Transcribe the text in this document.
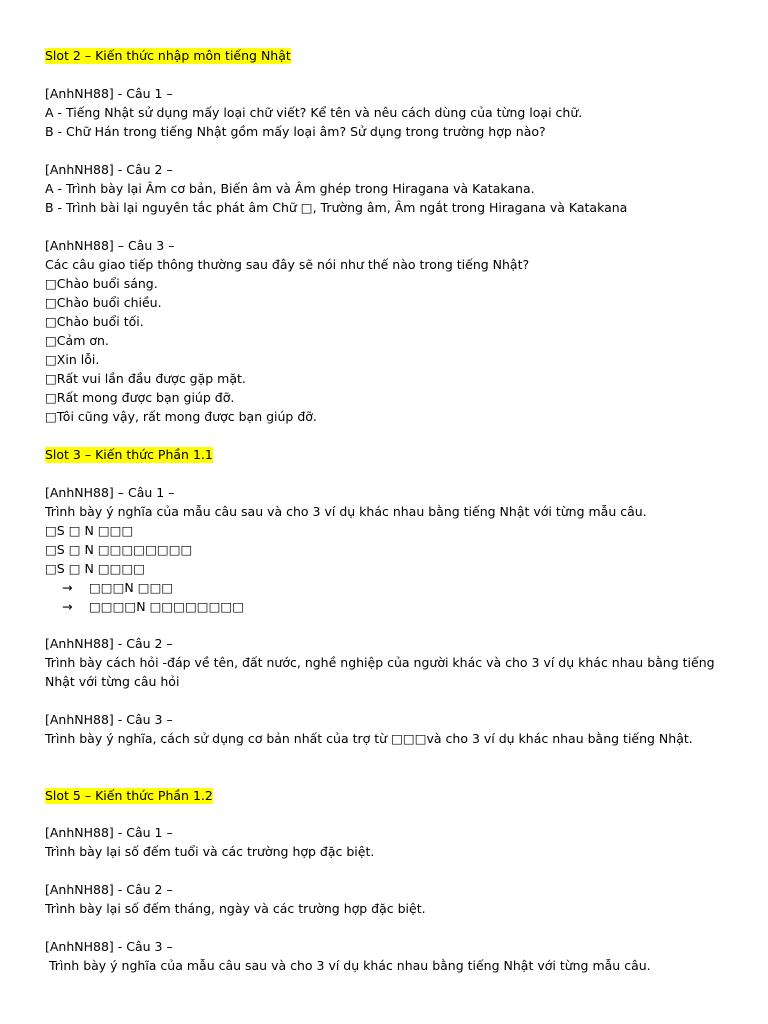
Slot 2 – Kiến thức nhập môn tiếng Nhật
[AnhNH88] - Câu 1 –
A - Tiếng Nhật sử dụng mấy loại chữ viết? Kể tên và nêu cách dùng của từng loại chữ.
B - Chữ Hán trong tiếng Nhật gồm mấy loại âm? Sử dụng trong trường hợp nào?
[AnhNH88] - Câu 2 –
A - Trình bày lại Âm cơ bản, Biến âm và Âm ghép trong Hiragana và Katakana.
B - Trình bài lại nguyên tắc phát âm Chữ □, Trường âm, Âm ngắt trong Hiragana và Katakana
[AnhNH88] – Câu 3 –
Các câu giao tiếp thông thường sau đây sẽ nói như thế nào trong tiếng Nhật?
□Chào buổi sáng.
□Chào buổi chiều.
□Chào buổi tối.
□Cảm ơn.
□Xin lỗi.
□Rất vui lần đầu được gặp mặt.
□Rất mong được bạn giúp đỡ.
□Tôi cũng vậy, rất mong được bạn giúp đỡ.
Slot 3 – Kiến thức Phần 1.1
[AnhNH88] – Câu 1 –
Trình bày ý nghĩa của mẫu câu sau và cho 3 ví dụ khác nhau bằng tiếng Nhật với từng mẫu câu.
□S □ N □□□
□S □ N □□□□□□□□
□S □ N □□□□
→ □□□N □□□
→ □□□□N □□□□□□□□
[AnhNH88] - Câu 2 –
Trình bày cách hỏi -đáp về tên, đất nước, nghề nghiệp của người khác và cho 3 ví dụ khác nhau bằng tiếng
Nhật với từng câu hỏi
[AnhNH88] - Câu 3 –
Trình bày ý nghĩa, cách sử dụng cơ bản nhất của trợ từ □□□và cho 3 ví dụ khác nhau bằng tiếng Nhật.
Slot 5 – Kiến thức Phần 1.2
[AnhNH88] - Câu 1 –
Trình bày lại số đếm tuổi và các trường hợp đặc biệt.
[AnhNH88] - Câu 2 –
Trình bày lại số đếm tháng, ngày và các trường hợp đặc biệt.
[AnhNH88] - Câu 3 –
Trình bày ý nghĩa của mẫu câu sau và cho 3 ví dụ khác nhau bằng tiếng Nhật với từng mẫu câu.
